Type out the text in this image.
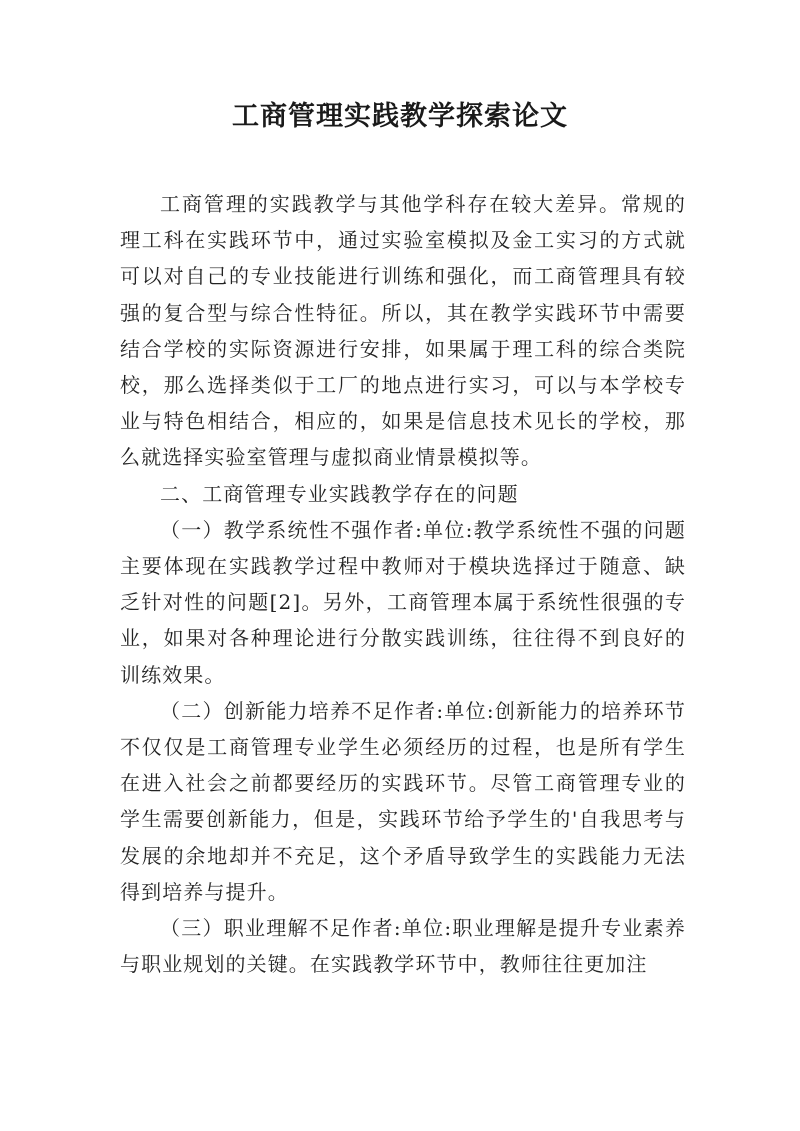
工商管理实践教学探索论文

工商管理的实践教学与其他学科存在较大差异。常规的理工科在实践环节中，通过实验室模拟及金工实习的方式就可以对自己的专业技能进行训练和强化，而工商管理具有较强的复合型与综合性特征。所以，其在教学实践环节中需要结合学校的实际资源进行安排，如果属于理工科的综合类院校，那么选择类似于工厂的地点进行实习，可以与本学校专业与特色相结合，相应的，如果是信息技术见长的学校，那么就选择实验室管理与虚拟商业情景模拟等。

二、工商管理专业实践教学存在的问题

（一）教学系统性不强作者:单位:教学系统性不强的问题主要体现在实践教学过程中教师对于模块选择过于随意、缺乏针对性的问题[2]。另外，工商管理本属于系统性很强的专业，如果对各种理论进行分散实践训练，往往得不到良好的训练效果。

（二）创新能力培养不足作者:单位:创新能力的培养环节不仅仅是工商管理专业学生必须经历的过程，也是所有学生在进入社会之前都要经历的实践环节。尽管工商管理专业的学生需要创新能力，但是，实践环节给予学生的'自我思考与发展的余地却并不充足，这个矛盾导致学生的实践能力无法得到培养与提升。

（三）职业理解不足作者:单位:职业理解是提升专业素养与职业规划的关键。在实践教学环节中，教师往往更加注
